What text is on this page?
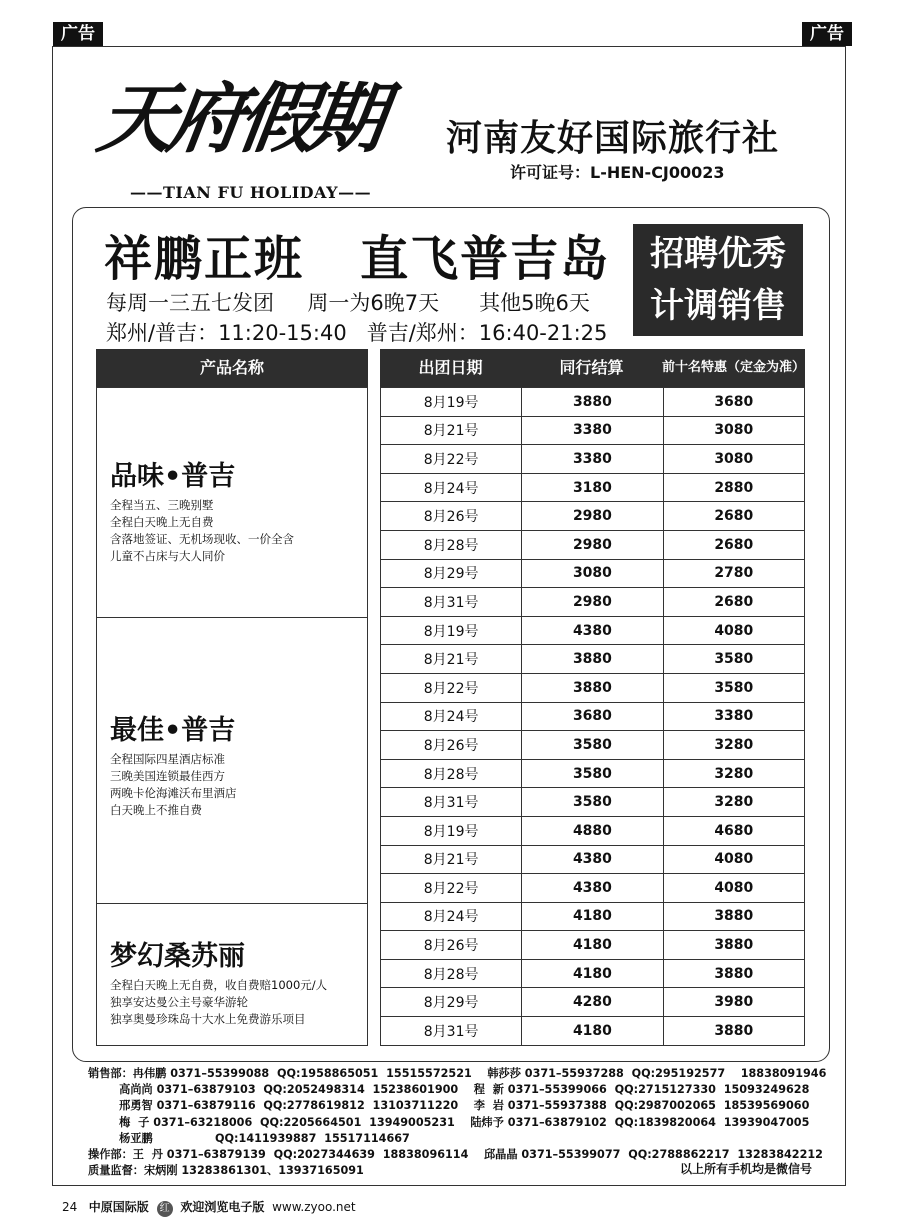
广告	广告
天府假期
——TIAN FU HOLIDAY——
河南友好国际旅行社
许可证号：L-HEN-CJ00023
祥鹏正班   直飞普吉岛
每周一三五七发团     周一为6晚7天      其他5晚6天
郑州/普吉：11:20-15:40   普吉/郑州：16:40-21:25
招聘优秀
计调销售
产品名称	出团日期	同行结算	前十名特惠（定金为准）
品味•普吉
全程当五、三晚别墅
全程白天晚上无自费
含落地签证、无机场现收、一价全含
儿童不占床与大人同价
最佳•普吉
全程国际四星酒店标准
三晚美国连锁最佳西方
两晚卡伦海滩沃布里酒店
白天晚上不推自费
梦幻桑苏丽
全程白天晚上无自费，收自费赔1000元/人
独享安达曼公主号豪华游轮
独享奥曼珍珠岛十大水上免费游乐项目
8月19号	3880	3680
8月21号	3380	3080
8月22号	3380	3080
8月24号	3180	2880
8月26号	2980	2680
8月28号	2980	2680
8月29号	3080	2780
8月31号	2980	2680
8月19号	4380	4080
8月21号	3880	3580
8月22号	3880	3580
8月24号	3680	3380
8月26号	3580	3280
8月28号	3580	3280
8月31号	3580	3280
8月19号	4880	4680
8月21号	4380	4080
8月22号	4380	4080
8月24号	4180	3880
8月26号	4180	3880
8月28号	4180	3880
8月29号	4280	3980
8月31号	4180	3880
销售部：冉伟鹏 0371–55399088  QQ:1958865051  15515572521    韩莎莎 0371–55937288  QQ:295192577    18838091946
高尚尚 0371–63879103  QQ:2052498314  15238601900    程  新 0371–55399066  QQ:2715127330  15093249628
邢勇智 0371–63879116  QQ:2778619812  13103711220    李  岩 0371–55937388  QQ:2987002065  18539569060
梅  子 0371–63218006  QQ:2205664501  13949005231    陆炜予 0371–63879102  QQ:1839820064  13939047005
杨亚鹏                QQ:1411939887  15517114667
操作部：王  丹 0371–63879139  QQ:2027344639  18838096114    邱晶晶 0371–55399077  QQ:2788862217  13283842212
质量监督：宋炳刚 13283861301、13937165091	以上所有手机均是微信号
24 中原国际版 红 欢迎浏览电子版 www.zyoo.net
